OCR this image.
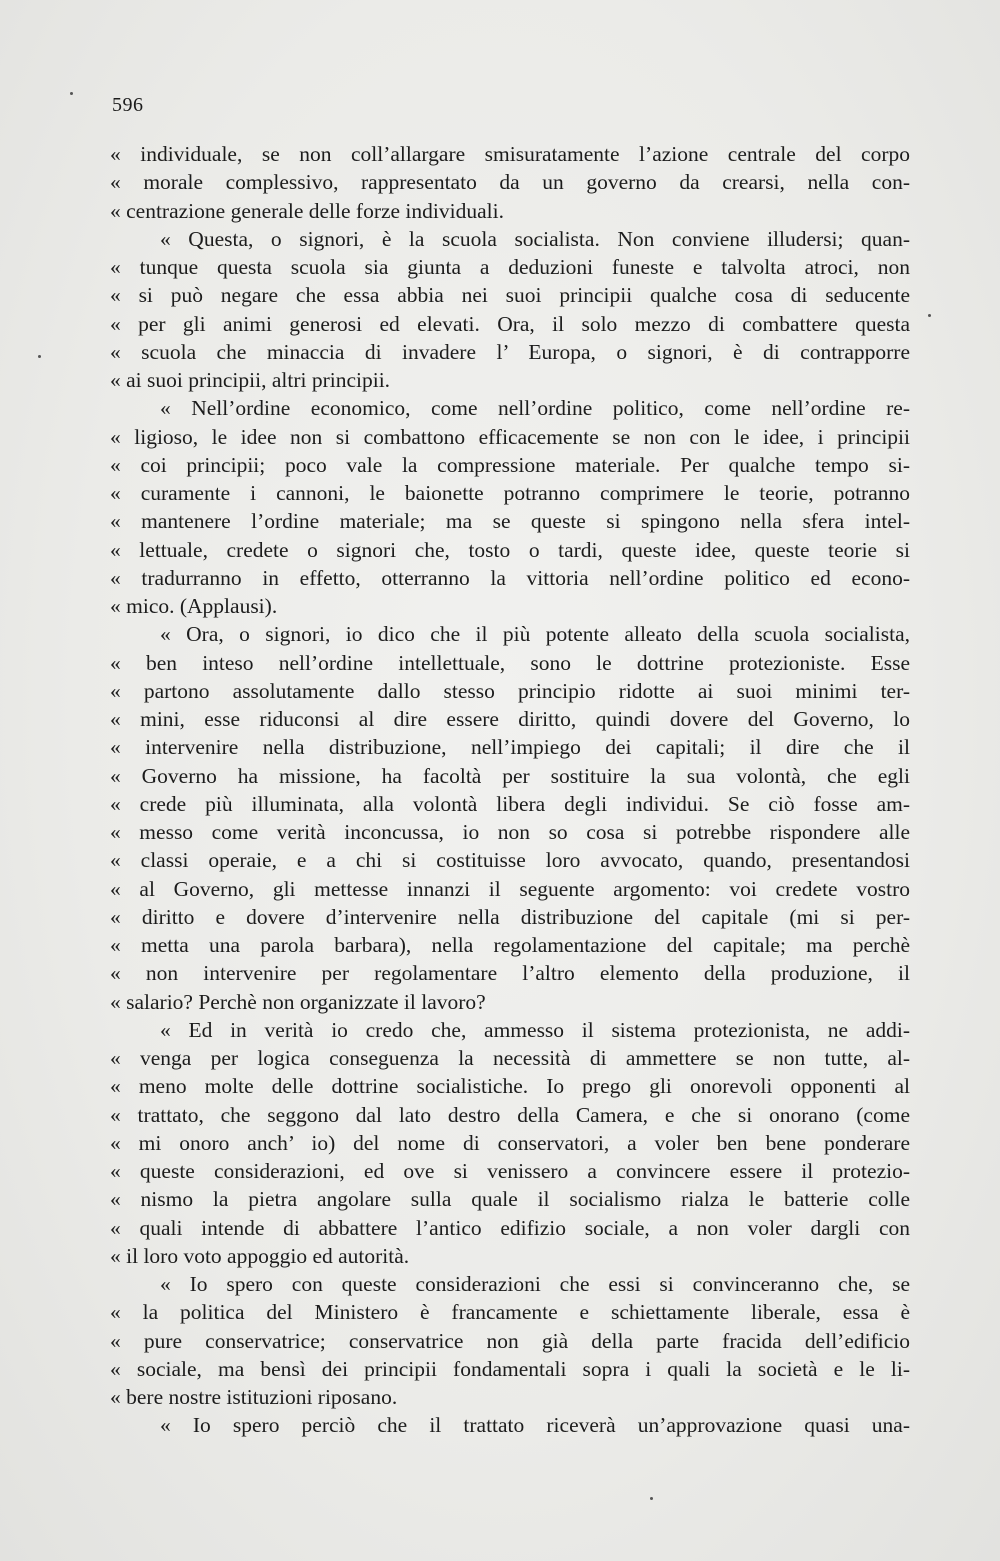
596
« individuale, se non coll’allargare smisuratamente l’azione centrale del corpo
« morale complessivo, rappresentato da un governo da crearsi, nella con-
« centrazione generale delle forze individuali.
« Questa, o signori, è la scuola socialista. Non conviene illudersi; quan-
« tunque questa scuola sia giunta a deduzioni funeste e talvolta atroci, non
« si può negare che essa abbia nei suoi principii qualche cosa di seducente
« per gli animi generosi ed elevati. Ora, il solo mezzo di combattere questa
« scuola che minaccia di invadere l’ Europa, o signori, è di contrapporre
« ai suoi principii, altri principii.
« Nell’ordine economico, come nell’ordine politico, come nell’ordine re-
« ligioso, le idee non si combattono efficacemente se non con le idee, i principii
« coi principii; poco vale la compressione materiale. Per qualche tempo si-
« curamente i cannoni, le baionette potranno comprimere le teorie, potranno
« mantenere l’ordine materiale; ma se queste si spingono nella sfera intel-
« lettuale, credete o signori che, tosto o tardi, queste idee, queste teorie si
« tradurranno in effetto, otterranno la vittoria nell’ordine politico ed econo-
« mico. (Applausi).
« Ora, o signori, io dico che il più potente alleato della scuola socialista,
« ben inteso nell’ordine intellettuale, sono le dottrine protezioniste. Esse
« partono assolutamente dallo stesso principio ridotte ai suoi minimi ter-
« mini, esse riduconsi al dire essere diritto, quindi dovere del Governo, lo
« intervenire nella distribuzione, nell’impiego dei capitali; il dire che il
« Governo ha missione, ha facoltà per sostituire la sua volontà, che egli
« crede più illuminata, alla volontà libera degli individui. Se ciò fosse am-
« messo come verità inconcussa, io non so cosa si potrebbe rispondere alle
« classi operaie, e a chi si costituisse loro avvocato, quando, presentandosi
« al Governo, gli mettesse innanzi il seguente argomento: voi credete vostro
« diritto e dovere d’intervenire nella distribuzione del capitale (mi si per-
« metta una parola barbara), nella regolamentazione del capitale; ma perchè
« non intervenire per regolamentare l’altro elemento della produzione, il
« salario? Perchè non organizzate il lavoro?
« Ed in verità io credo che, ammesso il sistema protezionista, ne addi-
« venga per logica conseguenza la necessità di ammettere se non tutte, al-
« meno molte delle dottrine socialistiche. Io prego gli onorevoli opponenti al
« trattato, che seggono dal lato destro della Camera, e che si onorano (come
« mi onoro anch’ io) del nome di conservatori, a voler ben bene ponderare
« queste considerazioni, ed ove si venissero a convincere essere il protezio-
« nismo la pietra angolare sulla quale il socialismo rialza le batterie colle
« quali intende di abbattere l’antico edifizio sociale, a non voler dargli con
« il loro voto appoggio ed autorità.
« Io spero con queste considerazioni che essi si convinceranno che, se
« la politica del Ministero è francamente e schiettamente liberale, essa è
« pure conservatrice; conservatrice non già della parte fracida dell’edificio
« sociale, ma bensì dei principii fondamentali sopra i quali la società e le li-
« bere nostre istituzioni riposano.
« Io spero perciò che il trattato riceverà un’approvazione quasi una-
